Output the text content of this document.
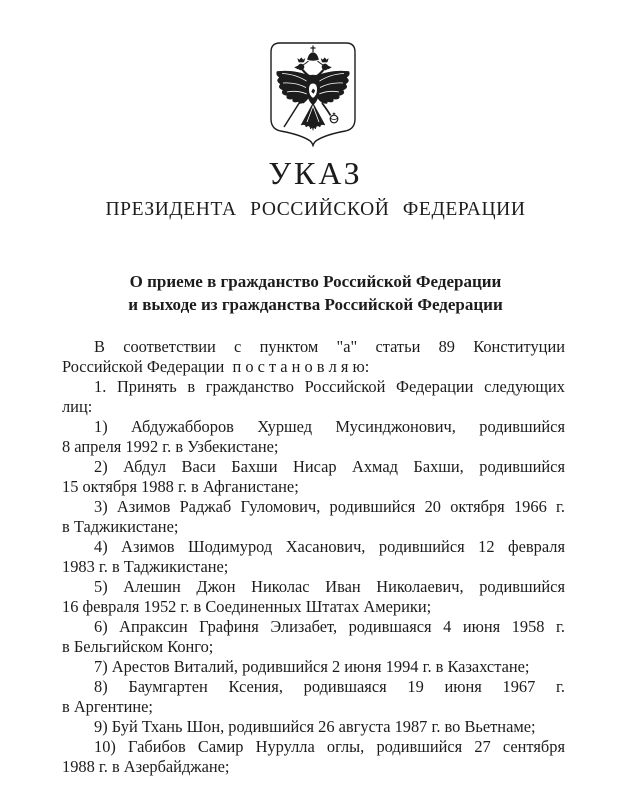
УКАЗ
ПРЕЗИДЕНТА РОССИЙСКОЙ ФЕДЕРАЦИИ
О приеме в гражданство Российской Федерации
и выходе из гражданства Российской Федерации

В соответствии с пунктом "а" статьи 89 Конституции

Российской Федерации  п о с т а н о в л я ю:

1. Принять в гражданство Российской Федерации следующих

лиц:

1) Абдужабборов Хуршед Мусинджонович, родившийся

8 апреля 1992 г. в Узбекистане;

2) Абдул Васи Бахши Нисар Ахмад Бахши, родившийся

15 октября 1988 г. в Афганистане;

3) Азимов Раджаб Гуломович, родившийся 20 октября 1966 г.

в Таджикистане;

4) Азимов Шодимурод Хасанович, родившийся 12 февраля

1983 г. в Таджикистане;

5) Алешин Джон Николас Иван Николаевич, родившийся

16 февраля 1952 г. в Соединенных Штатах Америки;

6) Апраксин Графиня Элизабет, родившаяся 4 июня 1958 г.

в Бельгийском Конго;

7) Арестов Виталий, родившийся 2 июня 1994 г. в Казахстане;

8) Баумгартен Ксения, родившаяся 19 июня 1967 г.

в Аргентине;

9) Буй Тхань Шон, родившийся 26 августа 1987 г. во Вьетнаме;

10) Габибов Самир Нурулла оглы, родившийся 27 сентября

1988 г. в Азербайджане;
